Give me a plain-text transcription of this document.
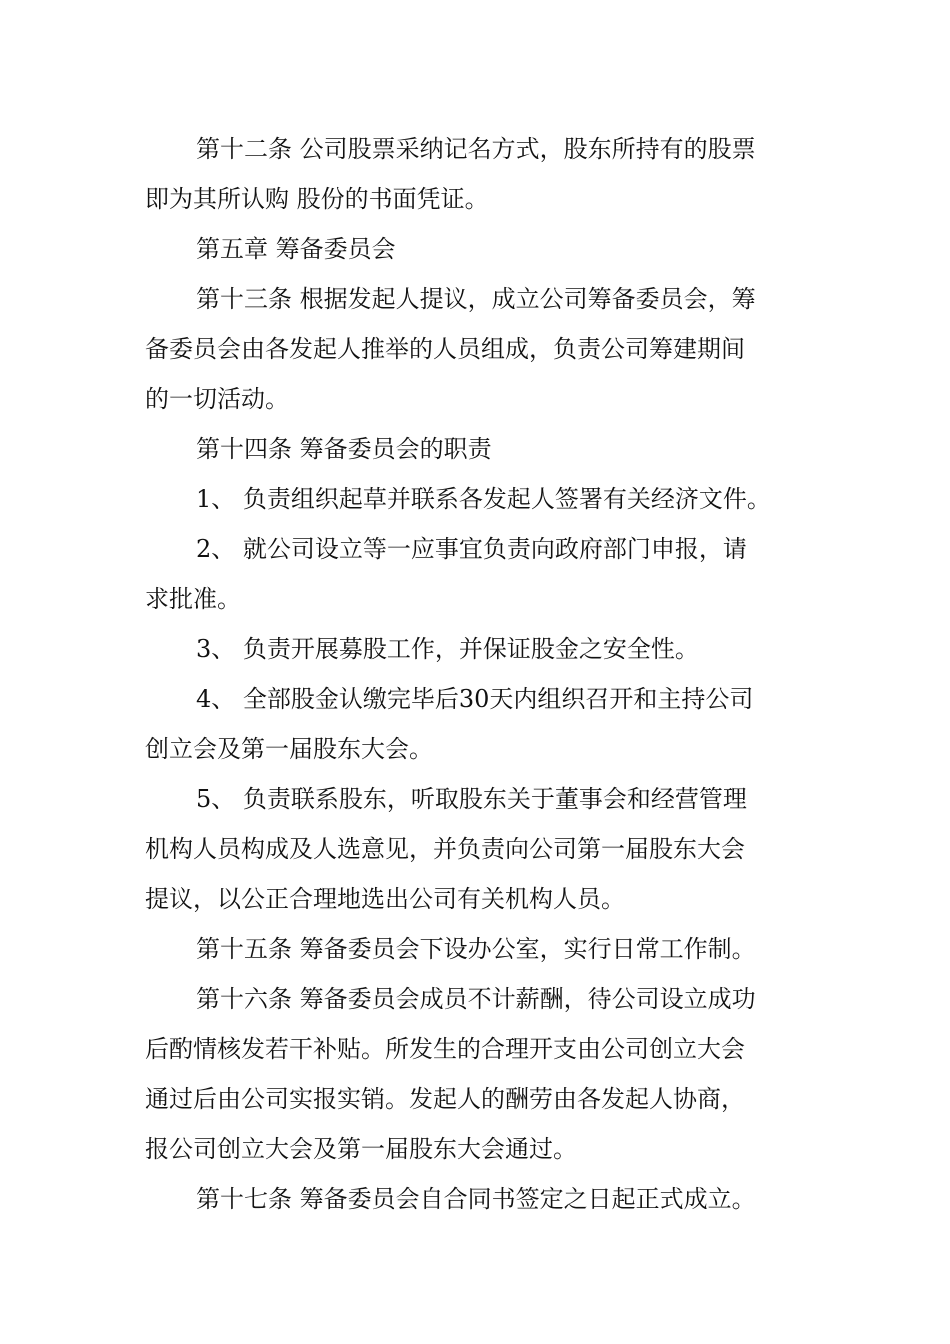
第十二条 公司股票采纳记名方式，股东所持有的股票
即为其所认购 股份的书面凭证。
第五章 筹备委员会
第十三条 根据发起人提议，成立公司筹备委员会，筹
备委员会由各发起人推举的人员组成，负责公司筹建期间
的一切活动。
第十四条 筹备委员会的职责
1、 负责组织起草并联系各发起人签署有关经济文件。
2、 就公司设立等一应事宜负责向政府部门申报，请
求批准。
3、 负责开展募股工作，并保证股金之安全性。
4、 全部股金认缴完毕后30天内组织召开和主持公司
创立会及第一届股东大会。
5、 负责联系股东，听取股东关于董事会和经营管理
机构人员构成及人选意见，并负责向公司第一届股东大会
提议，以公正合理地选出公司有关机构人员。
第十五条 筹备委员会下设办公室，实行日常工作制。
第十六条 筹备委员会成员不计薪酬，待公司设立成功
后酌情核发若干补贴。所发生的合理开支由公司创立大会
通过后由公司实报实销。发起人的酬劳由各发起人协商，
报公司创立大会及第一届股东大会通过。
第十七条 筹备委员会自合同书签定之日起正式成立。
